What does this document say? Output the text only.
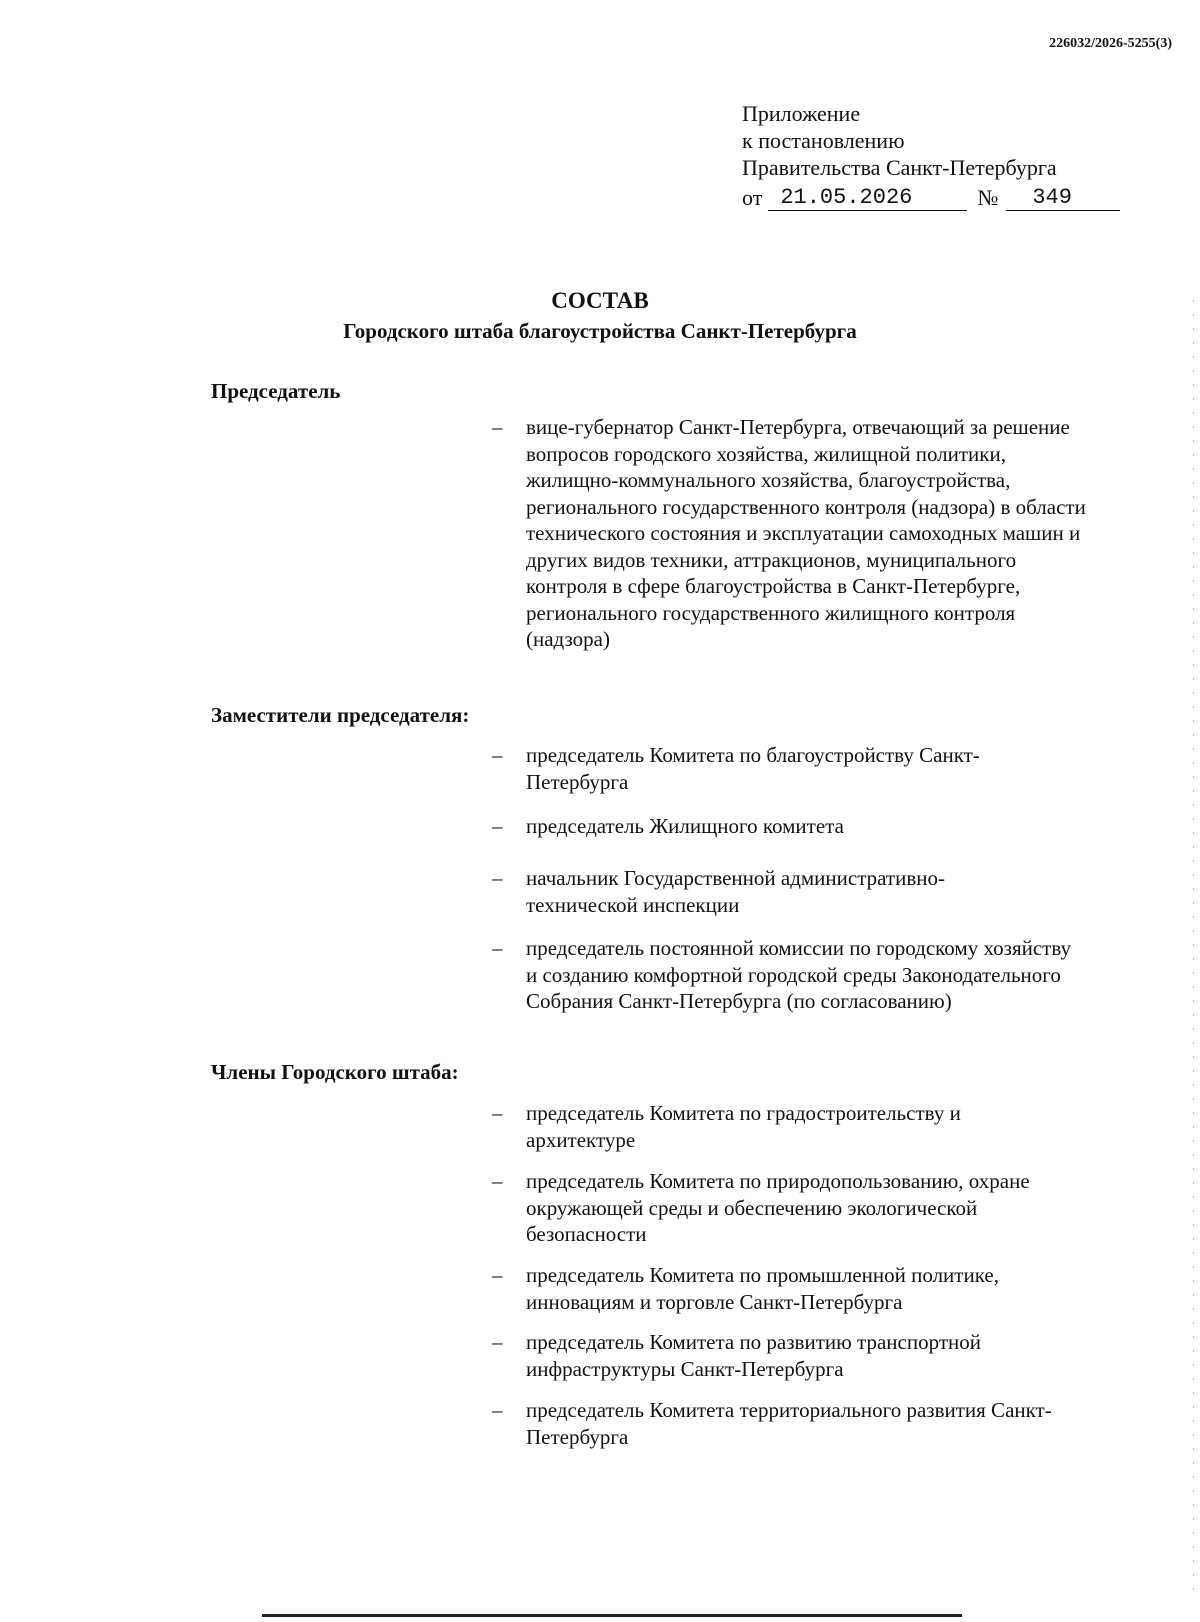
226032/2026-5255(3)
Приложение
к постановлению
Правительства Санкт-Петербурга
от 21.05.2026	№	349
СОСТАВ
Городского штаба благоустройства Санкт-Петербурга
Председатель
–	вице-губернатор Санкт-Петербурга, отвечающий за решение вопросов городского хозяйства, жилищной политики, жилищно-коммунального хозяйства, благоустройства, регионального государственного контроля (надзора) в области технического состояния и эксплуатации самоходных машин и других видов техники, аттракционов, муниципального контроля в сфере благоустройства в Санкт-Петербурге, регионального государственного жилищного контроля (надзора)
Заместители председателя:
–	председатель Комитета по благоустройству Санкт-Петербурга
–	председатель Жилищного комитета
–	начальник Государственной административно-технической инспекции
–	председатель постоянной комиссии по городскому хозяйству и созданию комфортной городской среды Законодательного Собрания Санкт-Петербурга (по согласованию)
Члены Городского штаба:
–	председатель Комитета по градостроительству и архитектуре
–	председатель Комитета по природопользованию, охране окружающей среды и обеспечению экологической безопасности
–	председатель Комитета по промышленной политике, инновациям и торговле Санкт-Петербурга
–	председатель Комитета по развитию транспортной инфраструктуры Санкт-Петербурга
–	председатель Комитета территориального развития Санкт-Петербурга
